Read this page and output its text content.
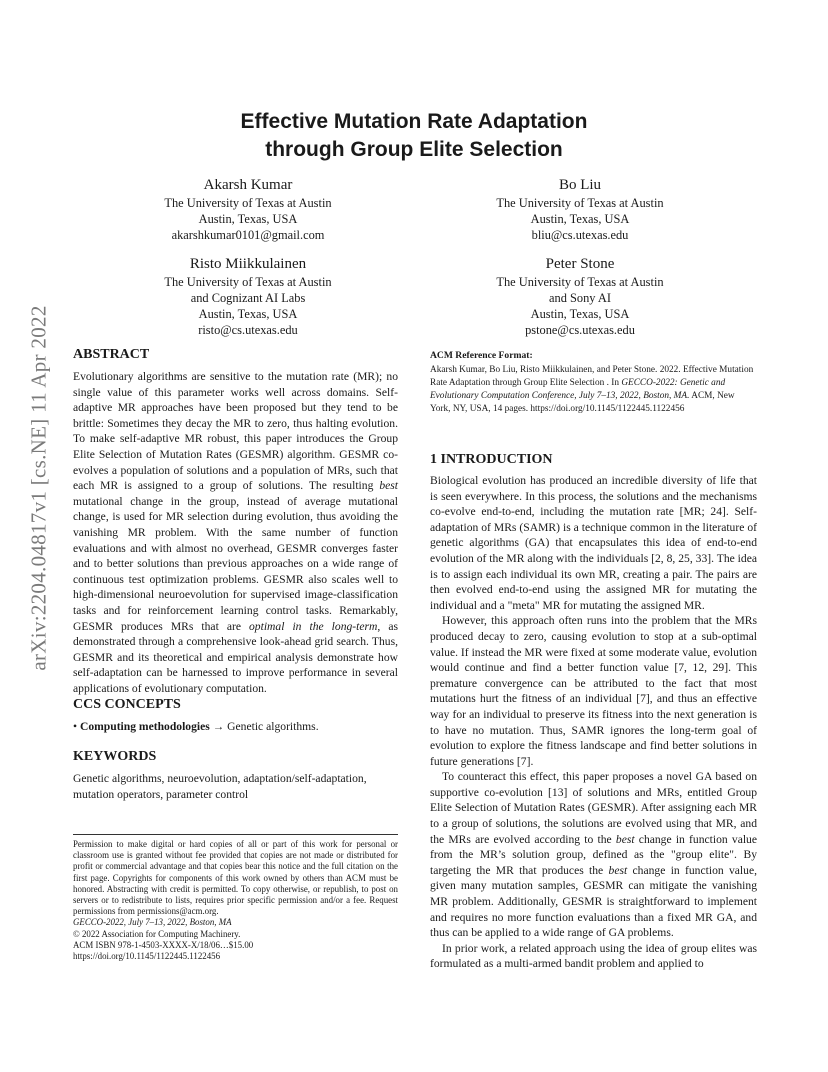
arXiv:2204.04817v1 [cs.NE] 11 Apr 2022
Effective Mutation Rate Adaptation
through Group Elite Selection
Akarsh Kumar
The University of Texas at Austin
Austin, Texas, USA
akarshkumar0101@gmail.com
Bo Liu
The University of Texas at Austin
Austin, Texas, USA
bliu@cs.utexas.edu
Risto Miikkulainen
The University of Texas at Austin
and Cognizant AI Labs
Austin, Texas, USA
risto@cs.utexas.edu
Peter Stone
The University of Texas at Austin
and Sony AI
Austin, Texas, USA
pstone@cs.utexas.edu
ABSTRACT

Evolutionary algorithms are sensitive to the mutation rate (MR); no single value of this parameter works well across domains. Self-adaptive MR approaches have been proposed but they tend to be brittle: Sometimes they decay the MR to zero, thus halting evolution. To make self-adaptive MR robust, this paper introduces the Group Elite Selection of Mutation Rates (GESMR) algorithm. GESMR co-evolves a population of solutions and a population of MRs, such that each MR is assigned to a group of solutions. The resulting best mutational change in the group, instead of average mutational change, is used for MR selection during evolution, thus avoiding the vanishing MR problem. With the same number of function evaluations and with almost no overhead, GESMR converges faster and to better solutions than previous approaches on a wide range of continuous test optimization problems. GESMR also scales well to high-dimensional neuroevolution for supervised image-classification tasks and for reinforcement learning control tasks. Remarkably, GESMR produces MRs that are optimal in the long-term, as demonstrated through a comprehensive look-ahead grid search. Thus, GESMR and its theoretical and empirical analysis demonstrate how self-adaptation can be harnessed to improve performance in several applications of evolutionary computation.

CCS CONCEPTS

• Computing methodologies → Genetic algorithms.

KEYWORDS

Genetic algorithms, neuroevolution, adaptation/self-adaptation, mutation operators, parameter control

Permission to make digital or hard copies of all or part of this work for personal or classroom use is granted without fee provided that copies are not made or distributed for profit or commercial advantage and that copies bear this notice and the full citation on the first page. Copyrights for components of this work owned by others than ACM must be honored. Abstracting with credit is permitted. To copy otherwise, or republish, to post on servers or to redistribute to lists, requires prior specific permission and/or a fee. Request permissions from permissions@acm.org.
GECCO-2022, July 7–13, 2022, Boston, MA
© 2022 Association for Computing Machinery.
ACM ISBN 978-1-4503-XXXX-X/18/06…$15.00
https://doi.org/10.1145/1122445.1122456
ACM Reference Format:
Akarsh Kumar, Bo Liu, Risto Miikkulainen, and Peter Stone. 2022. Effective Mutation Rate Adaptation through Group Elite Selection . In GECCO-2022: Genetic and Evolutionary Computation Conference, July 7–13, 2022, Boston, MA. ACM, New York, NY, USA, 14 pages. https://doi.org/10.1145/1122445.1122456
1 INTRODUCTION

Biological evolution has produced an incredible diversity of life that is seen everywhere. In this process, the solutions and the mechanisms co-evolve end-to-end, including the mutation rate [MR; 24]. Self-adaptation of MRs (SAMR) is a technique common in the literature of genetic algorithms (GA) that encapsulates this idea of end-to-end evolution of the MR along with the individuals [2, 8, 25, 33]. The idea is to assign each individual its own MR, creating a pair. The pairs are then evolved end-to-end using the assigned MR for mutating the individual and a "meta" MR for mutating the assigned MR.

However, this approach often runs into the problem that the MRs produced decay to zero, causing evolution to stop at a sub-optimal value. If instead the MR were fixed at some moderate value, evolution would continue and find a better function value [7, 12, 29]. This premature convergence can be attributed to the fact that most mutations hurt the fitness of an individual [7], and thus an effective way for an individual to preserve its fitness into the next generation is to have no mutation. Thus, SAMR ignores the long-term goal of evolution to explore the fitness landscape and find better solutions in future generations [7].

To counteract this effect, this paper proposes a novel GA based on supportive co-evolution [13] of solutions and MRs, entitled Group Elite Selection of Mutation Rates (GESMR). After assigning each MR to a group of solutions, the solutions are evolved using that MR, and the MRs are evolved according to the best change in function value from the MR’s solution group, defined as the "group elite". By targeting the MR that produces the best change in function value, given many mutation samples, GESMR can mitigate the vanishing MR problem. Additionally, GESMR is straightforward to implement and requires no more function evaluations than a fixed MR GA, and thus can be applied to a wide range of GA problems.

In prior work, a related approach using the idea of group elites was formulated as a multi-armed bandit problem and applied to
